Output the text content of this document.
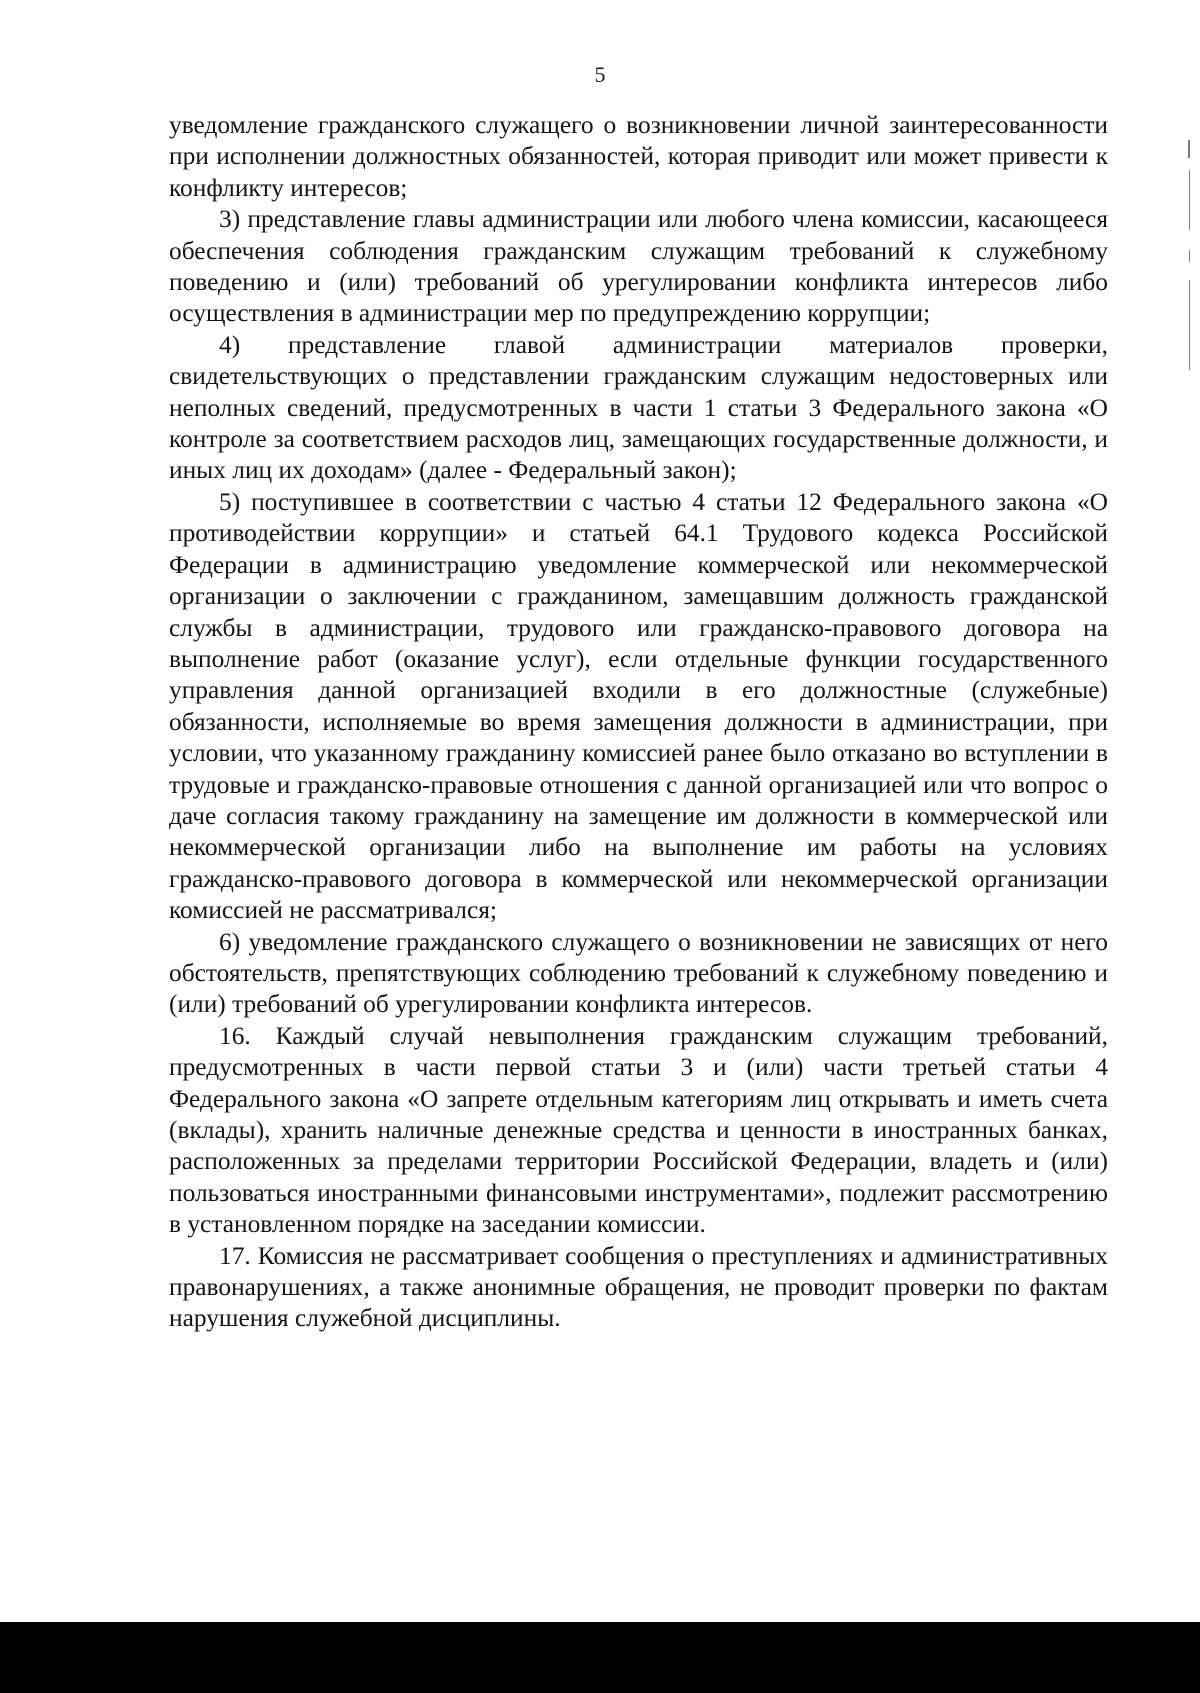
5

уведомление гражданского служащего о возникновении личной заинтересованности при исполнении должностных обязанностей, которая приводит или может привести к конфликту интересов;

3) представление главы администрации или любого члена комиссии, касающееся обеспечения соблюдения гражданским служащим требований к служебному поведению и (или) требований об урегулировании конфликта интересов либо осуществления в администрации мер по предупреждению коррупции;

4) представление главой администрации материалов проверки, свидетельствующих о представлении гражданским служащим недостоверных или неполных сведений, предусмотренных в части 1 статьи 3 Федерального закона «О контроле за соответствием расходов лиц, замещающих государственные должности, и иных лиц их доходам» (далее - Федеральный закон);

5) поступившее в соответствии с частью 4 статьи 12 Федерального закона «О противодействии коррупции» и статьей 64.1 Трудового кодекса Российской Федерации в администрацию уведомление коммерческой или некоммерческой организации о заключении с гражданином, замещавшим должность гражданской службы в администрации, трудового или гражданско-правового договора на выполнение работ (оказание услуг), если отдельные функции государственного управления данной организацией входили в его должностные (служебные) обязанности, исполняемые во время замещения должности в администрации, при условии, что указанному гражданину комиссией ранее было отказано во вступлении в трудовые и гражданско-правовые отношения с данной организацией или что вопрос о даче согласия такому гражданину на замещение им должности в коммерческой или некоммерческой организации либо на выполнение им работы на условиях гражданско-правового договора в коммерческой или некоммерческой организации комиссией не рассматривался;

6) уведомление гражданского служащего о возникновении не зависящих от него обстоятельств, препятствующих соблюдению требований к служебному поведению и (или) требований об урегулировании конфликта интересов.

16. Каждый случай невыполнения гражданским служащим требований, предусмотренных в части первой статьи 3 и (или) части третьей статьи 4 Федерального закона «О запрете отдельным категориям лиц открывать и иметь счета (вклады), хранить наличные денежные средства и ценности в иностранных банках, расположенных за пределами территории Российской Федерации, владеть и (или) пользоваться иностранными финансовыми инструментами», подлежит рассмотрению в установленном порядке на заседании комиссии.

17. Комиссия не рассматривает сообщения о преступлениях и административных правонарушениях, а также анонимные обращения, не проводит проверки по фактам нарушения служебной дисциплины.
